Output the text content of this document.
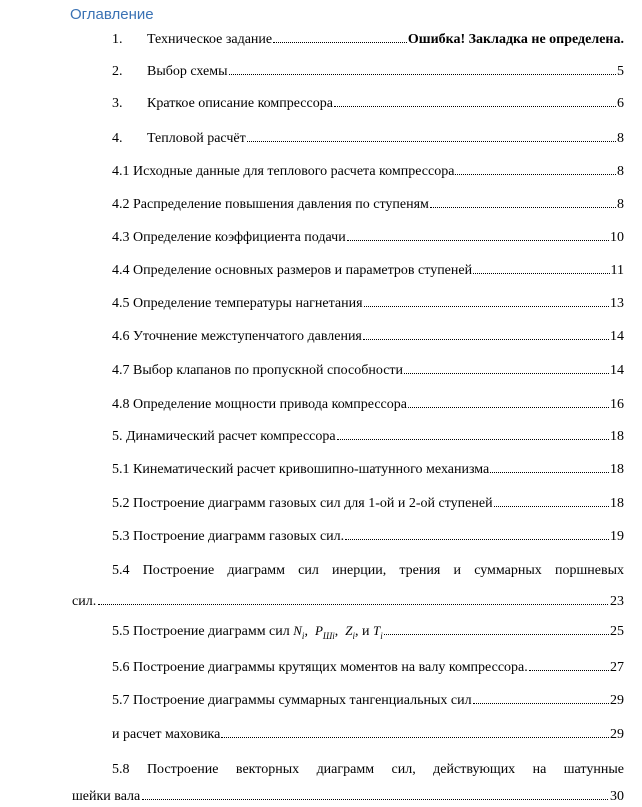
Оглавление
1.	Техническое задание	Ошибка! Закладка не определена.
2.	Выбор схемы	5
3.	Краткое описание компрессора	6
4.	Тепловой расчёт	8
4.1 Исходные данные для теплового расчета компрессора	8
4.2 Распределение повышения давления по ступеням	8
4.3 Определение коэффициента подачи	10
4.4 Определение основных размеров и параметров ступеней	11
4.5 Определение температуры нагнетания	13
4.6 Уточнение межступенчатого давления	14
4.7 Выбор клапанов по пропускной способности	14
4.8 Определение мощности привода компрессора	16
5. Динамический расчет компрессора	18
5.1 Кинематический расчет кривошипно-шатунного механизма	18
5.2 Построение диаграмм газовых сил для 1-ой и 2-ой ступеней	18
5.3 Построение диаграмм газовых сил.	19
5.4 Построение диаграмм сил инерции, трения и суммарных поршневых
сил.	23
5.5 Построение диаграмм сил $N_i$,  $P_{Шi}$,  $Z_i$, и $T_i$	25
5.6 Построение диаграммы крутящих моментов на валу компрессора.	27
5.7 Построение диаграммы суммарных тангенциальных сил	29
и расчет маховика	29
5.8 Построение векторных диаграмм сил, действующих на шатунные
шейки вала	30
